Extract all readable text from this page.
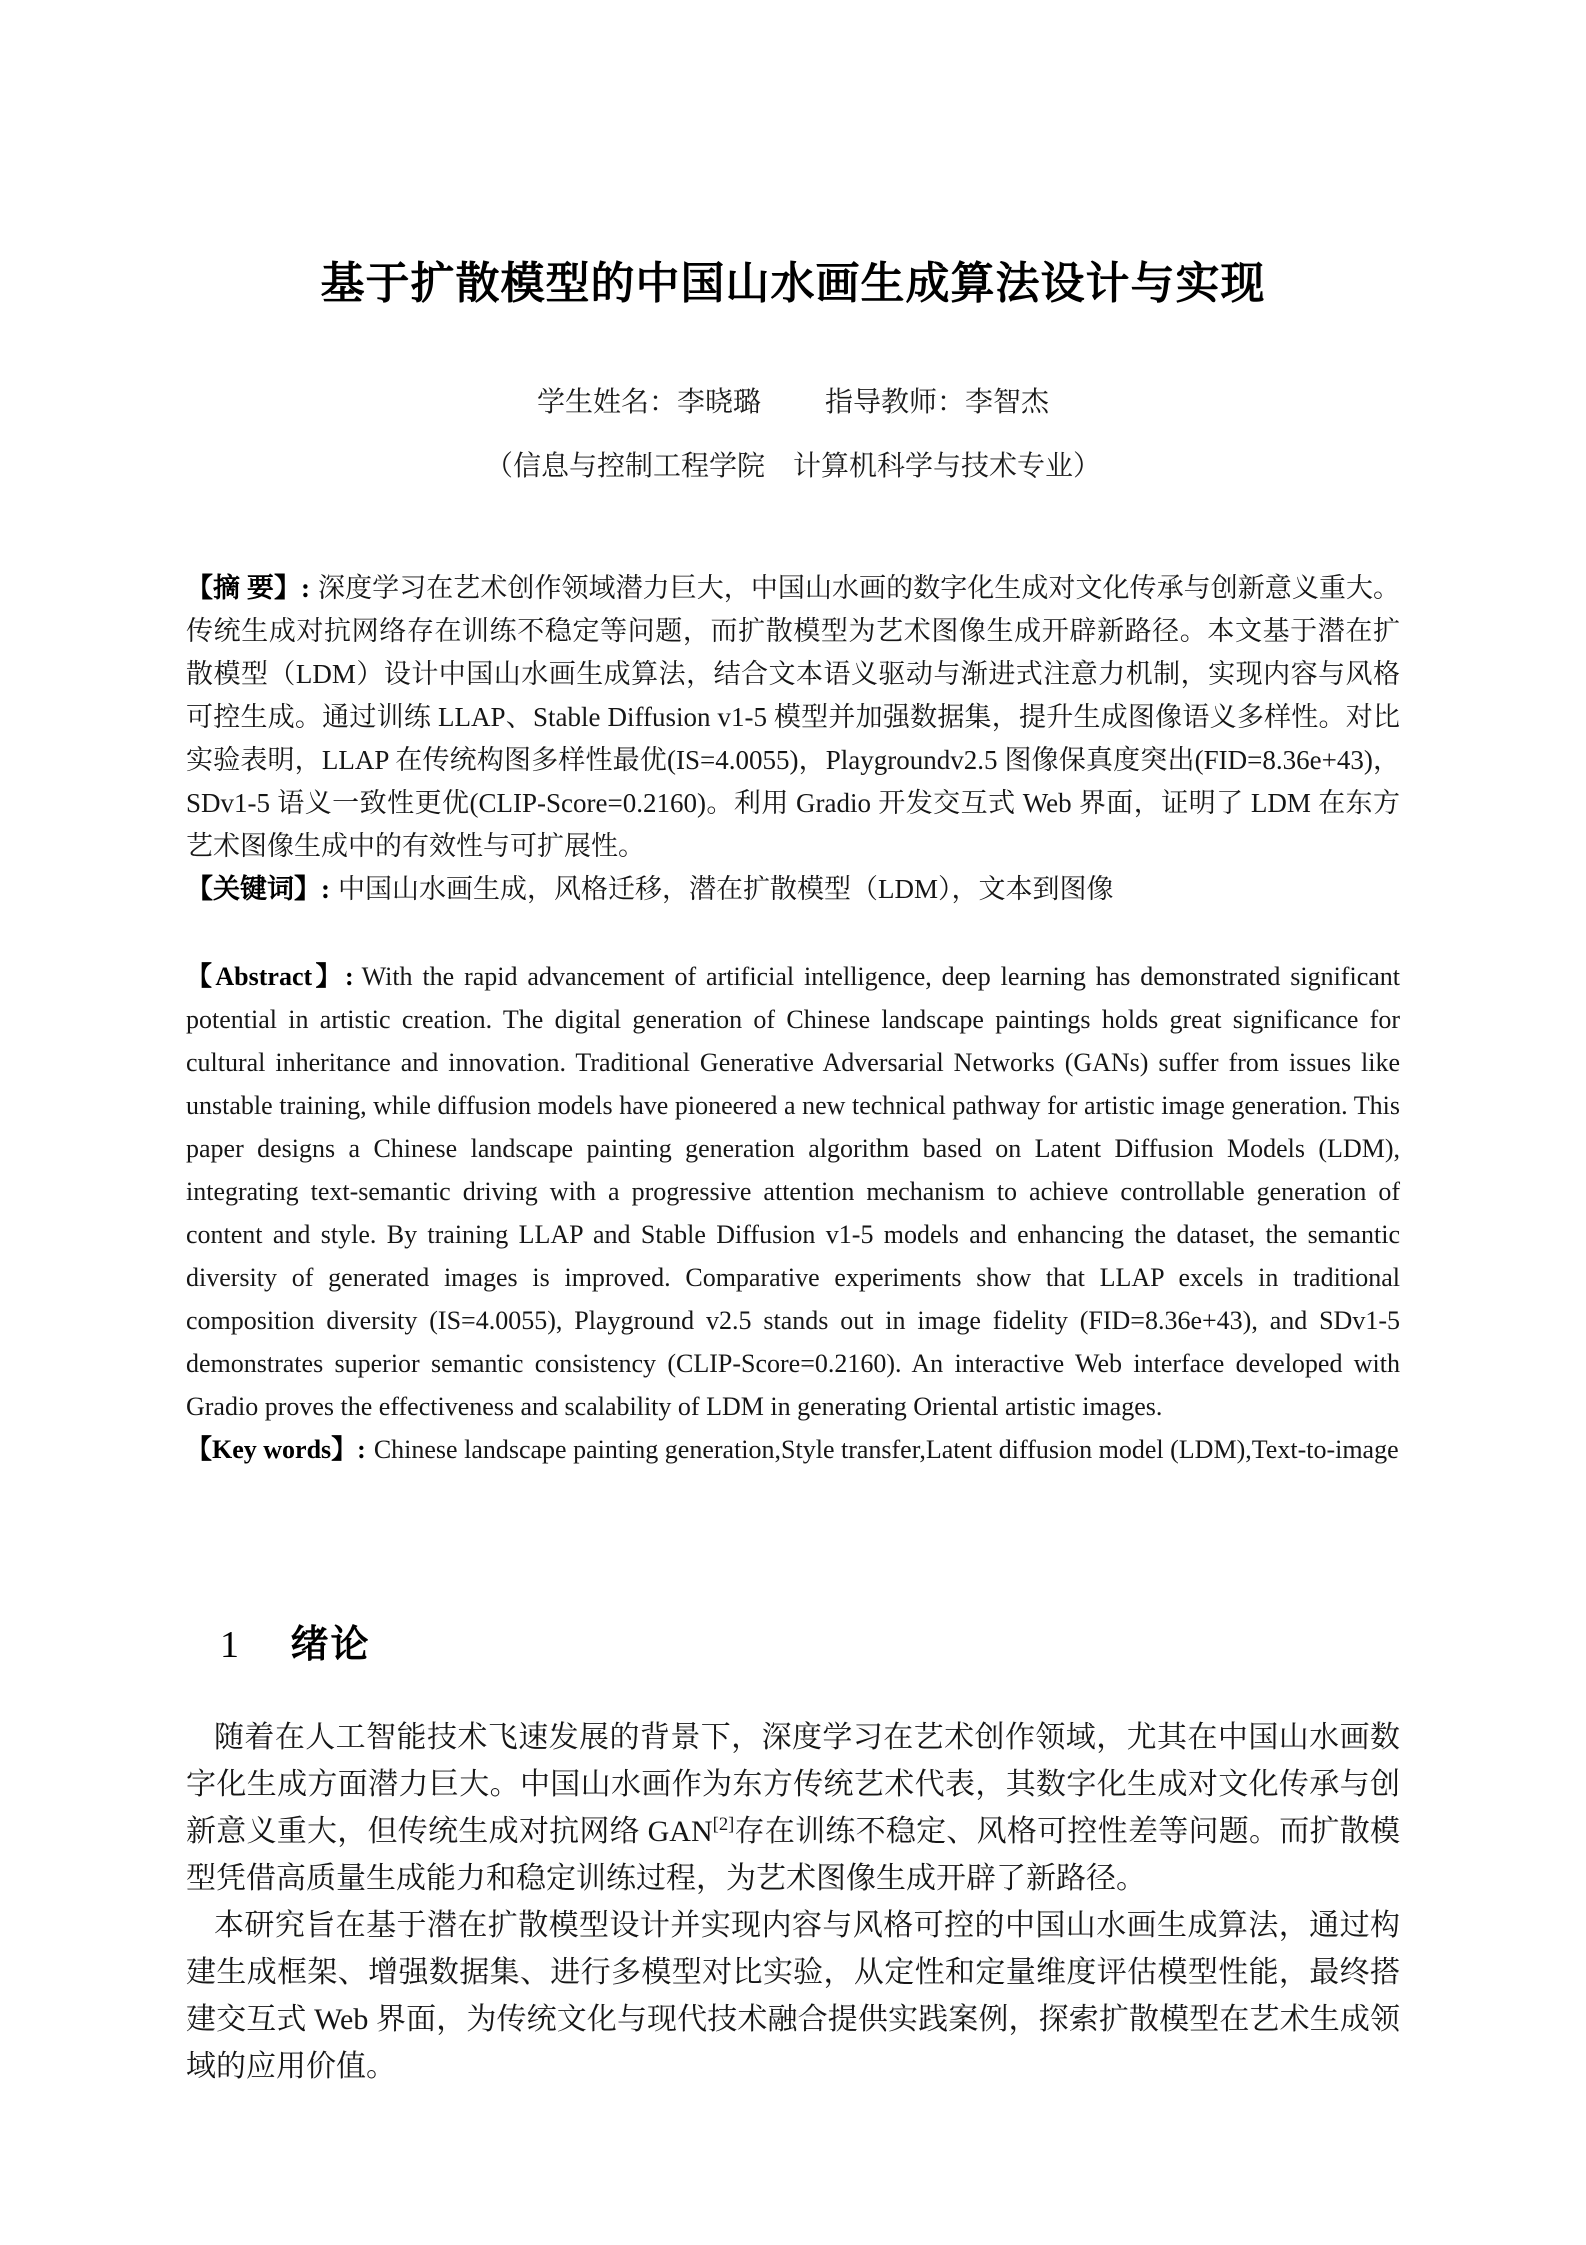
基于扩散模型的中国山水画生成算法设计与实现
学生姓名：李晓璐 指导教师：李智杰
（信息与控制工程学院　计算机科学与技术专业）

【摘 要】: 深度学习在艺术创作领域潜力巨大，中国山水画的数字化生成对文化传承与创新意义重大。传统生成对抗网络存在训练不稳定等问题，而扩散模型为艺术图像生成开辟新路径。本文基于潜在扩散模型（LDM）设计中国山水画生成算法，结合文本语义驱动与渐进式注意力机制，实现内容与风格可控生成。通过训练 LLAP、Stable Diffusion v1-5 模型并加强数据集，提升生成图像语义多样性。对比实验表明，LLAP 在传统构图多样性最优(IS=4.0055)，Playgroundv2.5 图像保真度突出(FID=8.36e+43)，SDv1-5 语义一致性更优(CLIP-Score=0.2160)。利用 Gradio 开发交互式 Web 界面，证明了 LDM 在东方艺术图像生成中的有效性与可扩展性。

【关键词】: 中国山水画生成，风格迁移，潜在扩散模型（LDM），文本到图像

【Abstract】: With the rapid advancement of artificial intelligence, deep learning has demonstrated significant potential in artistic creation. The digital generation of Chinese landscape paintings holds great significance for cultural inheritance and innovation. Traditional Generative Adversarial Networks (GANs) suffer from issues like unstable training, while diffusion models have pioneered a new technical pathway for artistic image generation. This paper designs a Chinese landscape painting generation algorithm based on Latent Diffusion Models (LDM), integrating text-semantic driving with a progressive attention mechanism to achieve controllable generation of content and style. By training LLAP and Stable Diffusion v1-5 models and enhancing the dataset, the semantic diversity of generated images is improved. Comparative experiments show that LLAP excels in traditional composition diversity (IS=4.0055), Playground v2.5 stands out in image fidelity (FID=8.36e+43), and SDv1-5 demonstrates superior semantic consistency (CLIP-Score=0.2160). An interactive Web interface developed with Gradio proves the effectiveness and scalability of LDM in generating Oriental artistic images.

【Key words】: Chinese landscape painting generation,Style transfer,Latent diffusion model (LDM),Text-to-image

1 绪论

随着在人工智能技术飞速发展的背景下，深度学习在艺术创作领域，尤其在中国山水画数字化生成方面潜力巨大。中国山水画作为东方传统艺术代表，其数字化生成对文化传承与创新意义重大，但传统生成对抗网络 GAN[2]存在训练不稳定、风格可控性差等问题。而扩散模型凭借高质量生成能力和稳定训练过程，为艺术图像生成开辟了新路径。

本研究旨在基于潜在扩散模型设计并实现内容与风格可控的中国山水画生成算法，通过构建生成框架、增强数据集、进行多模型对比实验，从定性和定量维度评估模型性能，最终搭建交互式 Web 界面，为传统文化与现代技术融合提供实践案例，探索扩散模型在艺术生成领域的应用价值。
